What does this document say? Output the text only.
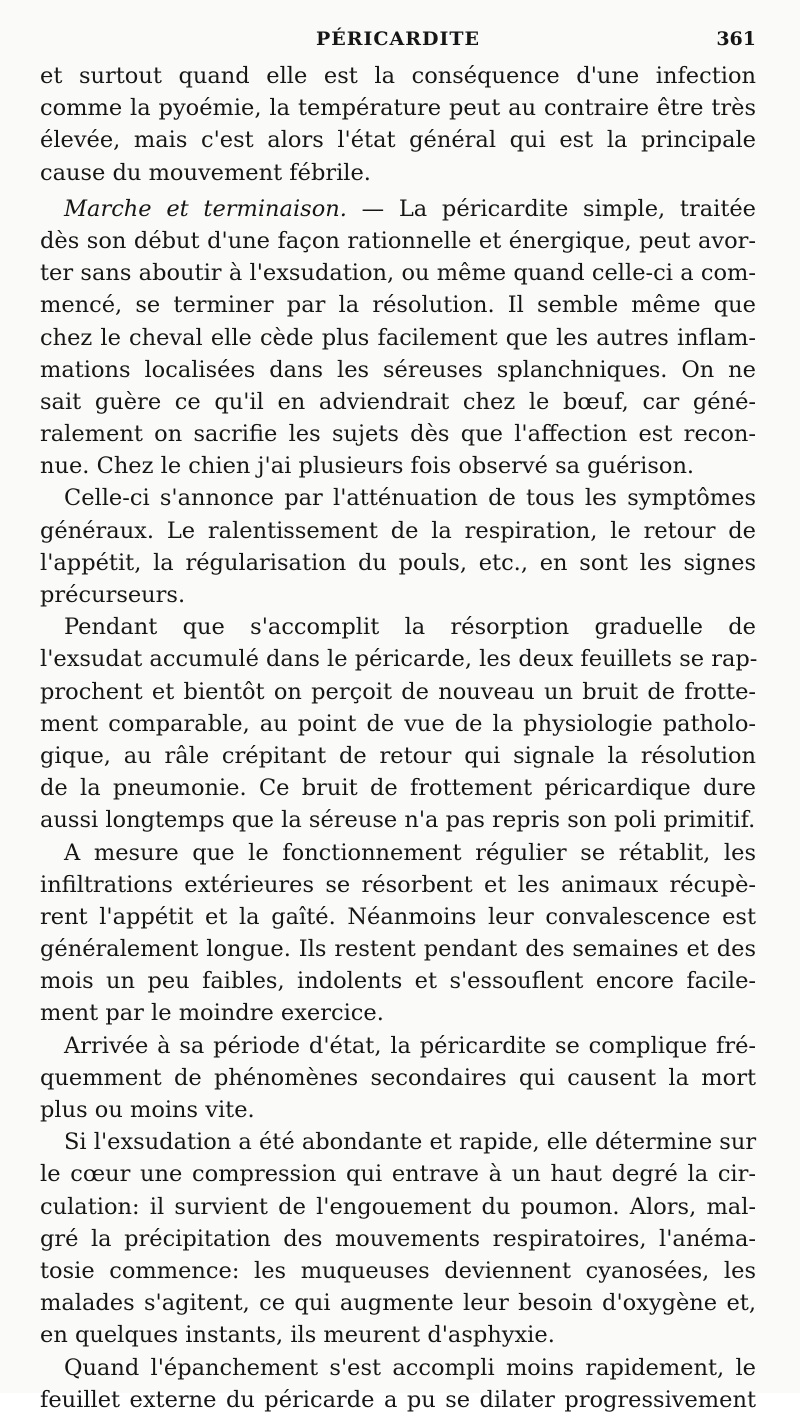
PÉRICARDITE	361
et surtout quand elle est la conséquence d'une infection
comme la pyoémie, la température peut au contraire être très
élevée, mais c'est alors l'état général qui est la principale
cause du mouvement fébrile.
Marche et terminaison. — La péricardite simple, traitée
dès son début d'une façon rationnelle et énergique, peut avor-
ter sans aboutir à l'exsudation, ou même quand celle-ci a com-
mencé, se terminer par la résolution. Il semble même que
chez le cheval elle cède plus facilement que les autres inflam-
mations localisées dans les séreuses splanchniques. On ne
sait guère ce qu'il en adviendrait chez le bœuf, car géné-
ralement on sacrifie les sujets dès que l'affection est recon-
nue. Chez le chien j'ai plusieurs fois observé sa guérison.
Celle-ci s'annonce par l'atténuation de tous les symptômes
généraux. Le ralentissement de la respiration, le retour de
l'appétit, la régularisation du pouls, etc., en sont les signes
précurseurs.
Pendant que s'accomplit la résorption graduelle de
l'exsudat accumulé dans le péricarde, les deux feuillets se rap-
prochent et bientôt on perçoit de nouveau un bruit de frotte-
ment comparable, au point de vue de la physiologie patholo-
gique, au râle crépitant de retour qui signale la résolution
de la pneumonie. Ce bruit de frottement péricardique dure
aussi longtemps que la séreuse n'a pas repris son poli primitif.
A mesure que le fonctionnement régulier se rétablit, les
infiltrations extérieures se résorbent et les animaux récupè-
rent l'appétit et la gaîté. Néanmoins leur convalescence est
généralement longue. Ils restent pendant des semaines et des
mois un peu faibles, indolents et s'essouflent encore facile-
ment par le moindre exercice.
Arrivée à sa période d'état, la péricardite se complique fré-
quemment de phénomènes secondaires qui causent la mort
plus ou moins vite.
Si l'exsudation a été abondante et rapide, elle détermine sur
le cœur une compression qui entrave à un haut degré la cir-
culation: il survient de l'engouement du poumon. Alors, mal-
gré la précipitation des mouvements respiratoires, l'anéma-
tosie commence: les muqueuses deviennent cyanosées, les
malades s'agitent, ce qui augmente leur besoin d'oxygène et,
en quelques instants, ils meurent d'asphyxie.
Quand l'épanchement s'est accompli moins rapidement, le
feuillet externe du péricarde a pu se dilater progressivement
